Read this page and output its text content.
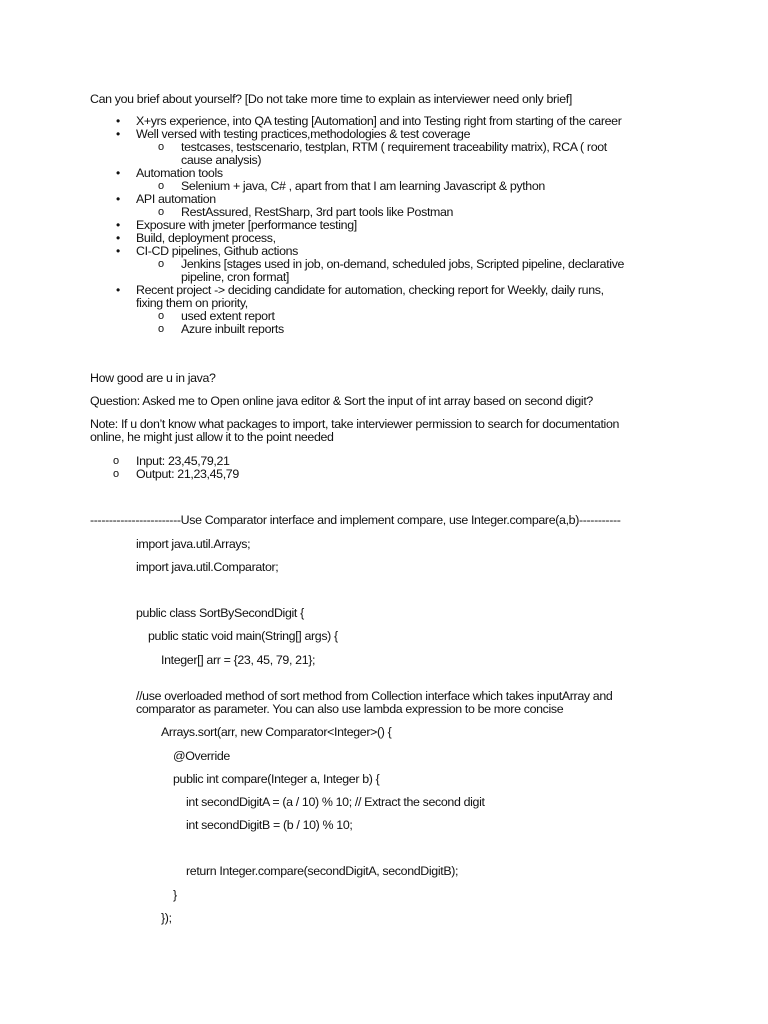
Can you brief about yourself? [Do not take more time to explain as interviewer need only brief]
• X+yrs experience, into QA testing [Automation] and into Testing right from starting of the career
• Well versed with testing practices,methodologies & test coverage
o testcases, testscenario, testplan, RTM ( requirement traceability matrix), RCA ( root
cause analysis)
• Automation tools
o Selenium + java, C# , apart from that I am learning Javascript & python
• API automation
o RestAssured, RestSharp, 3rd part tools like Postman
• Exposure with jmeter [performance testing]
• Build, deployment process,
• CI-CD pipelines, Github actions
o Jenkins [stages used in job, on-demand, scheduled jobs, Scripted pipeline, declarative
pipeline, cron format]
• Recent project -> deciding candidate for automation, checking report for Weekly, daily runs,
fixing them on priority,
o used extent report
o Azure inbuilt reports
How good are u in java?
Question: Asked me to Open online java editor & Sort the input of int array based on second digit?
Note: If u don’t know what packages to import, take interviewer permission to search for documentation
online, he might just allow it to the point needed
o Input: 23,45,79,21
o Output: 21,23,45,79
------------------------Use Comparator interface and implement compare, use Integer.compare(a,b)-----------
import java.util.Arrays;
import java.util.Comparator;
public class SortBySecondDigit {
public static void main(String[] args) {
Integer[] arr = {23, 45, 79, 21};
//use overloaded method of sort method from Collection interface which takes inputArray and
comparator as parameter. You can also use lambda expression to be more concise
Arrays.sort(arr, new Comparator<Integer>() {
@Override
public int compare(Integer a, Integer b) {
int secondDigitA = (a / 10) % 10; // Extract the second digit
int secondDigitB = (b / 10) % 10;
return Integer.compare(secondDigitA, secondDigitB);
}
});
